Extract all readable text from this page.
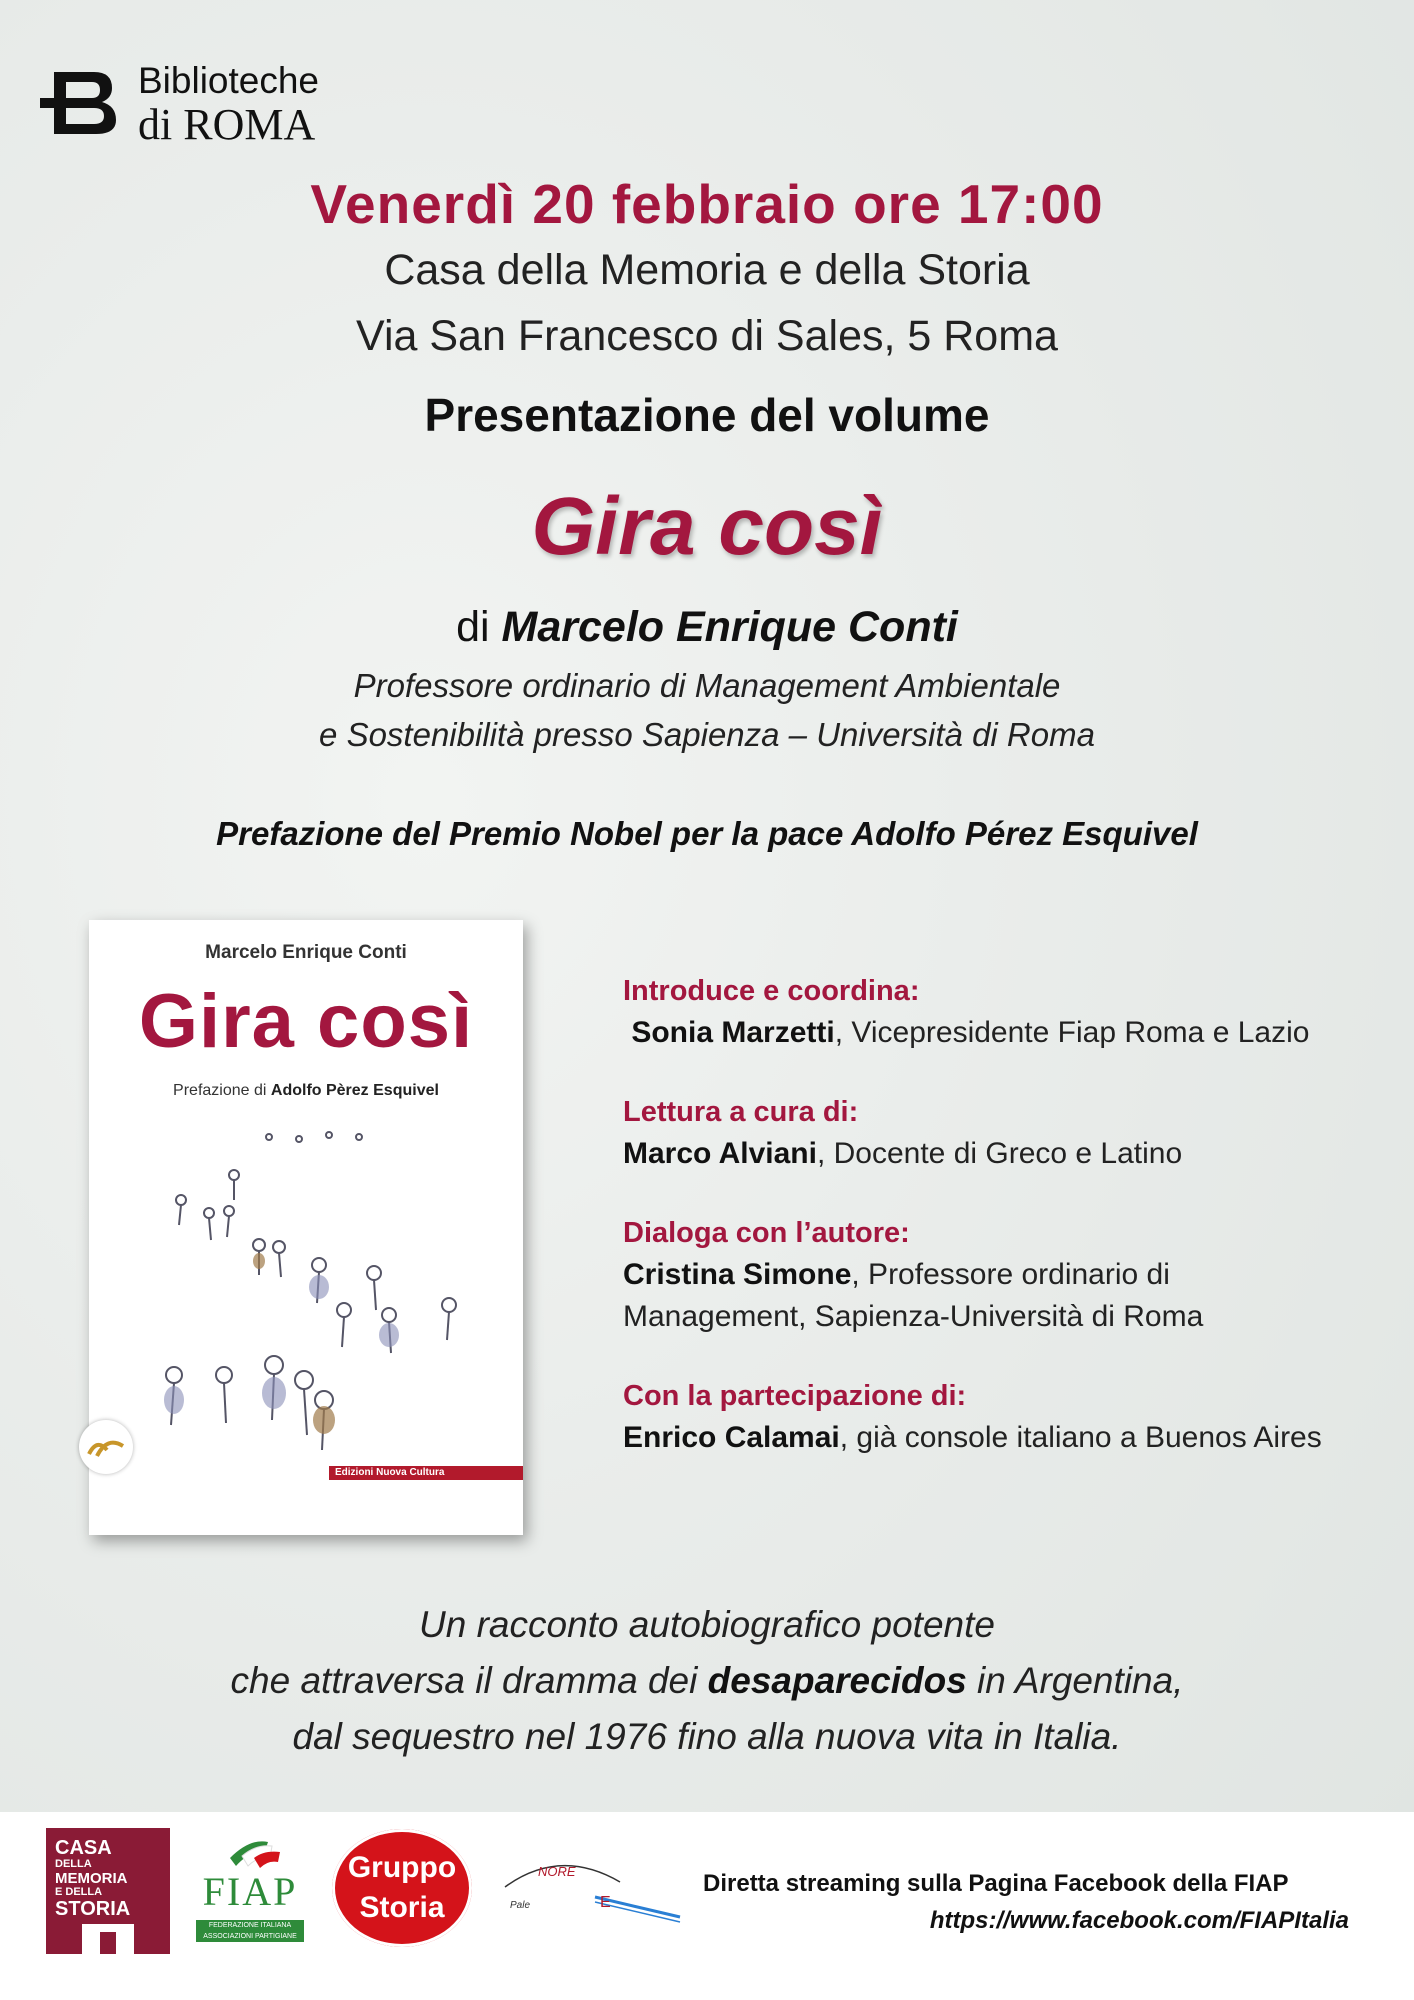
Biblioteche
di ROMA
Venerdì 20 febbraio ore 17:00
Casa della Memoria e della Storia
Via San Francesco di Sales, 5 Roma
Presentazione del volume
Gira così
di Marcelo Enrique Conti
Professore ordinario di Management Ambientale
e Sostenibilità presso Sapienza – Università di Roma
Prefazione del Premio Nobel per la pace Adolfo Pérez Esquivel
Marcelo Enrique Conti
Gira così
Prefazione di Adolfo Pèrez Esquivel
Edizioni Nuova Cultura
Introduce e coordina:
Sonia Marzetti, Vicepresidente Fiap Roma e Lazio
Lettura a cura di:
Marco Alviani, Docente di Greco e Latino
Dialoga con l’autore:
Cristina Simone, Professore ordinario di
Management, Sapienza-Università di Roma
Con la partecipazione di:
Enrico Calamai, già console italiano a Buenos Aires
Un racconto autobiografico potente
che attraversa il dramma dei desaparecidos in Argentina,
dal sequestro nel 1976 fino alla nuova vita in Italia.
CASA
DELLA
MEMORIA
E DELLA
STORIA	FIAP
FEDERAZIONE ITALIANA
ASSOCIAZIONI PARTIGIANE
Gruppo
Storia
NORE
E
Pale
Diretta streaming sulla Pagina Facebook della FIAP
https://www.facebook.com/FIAPItalia
